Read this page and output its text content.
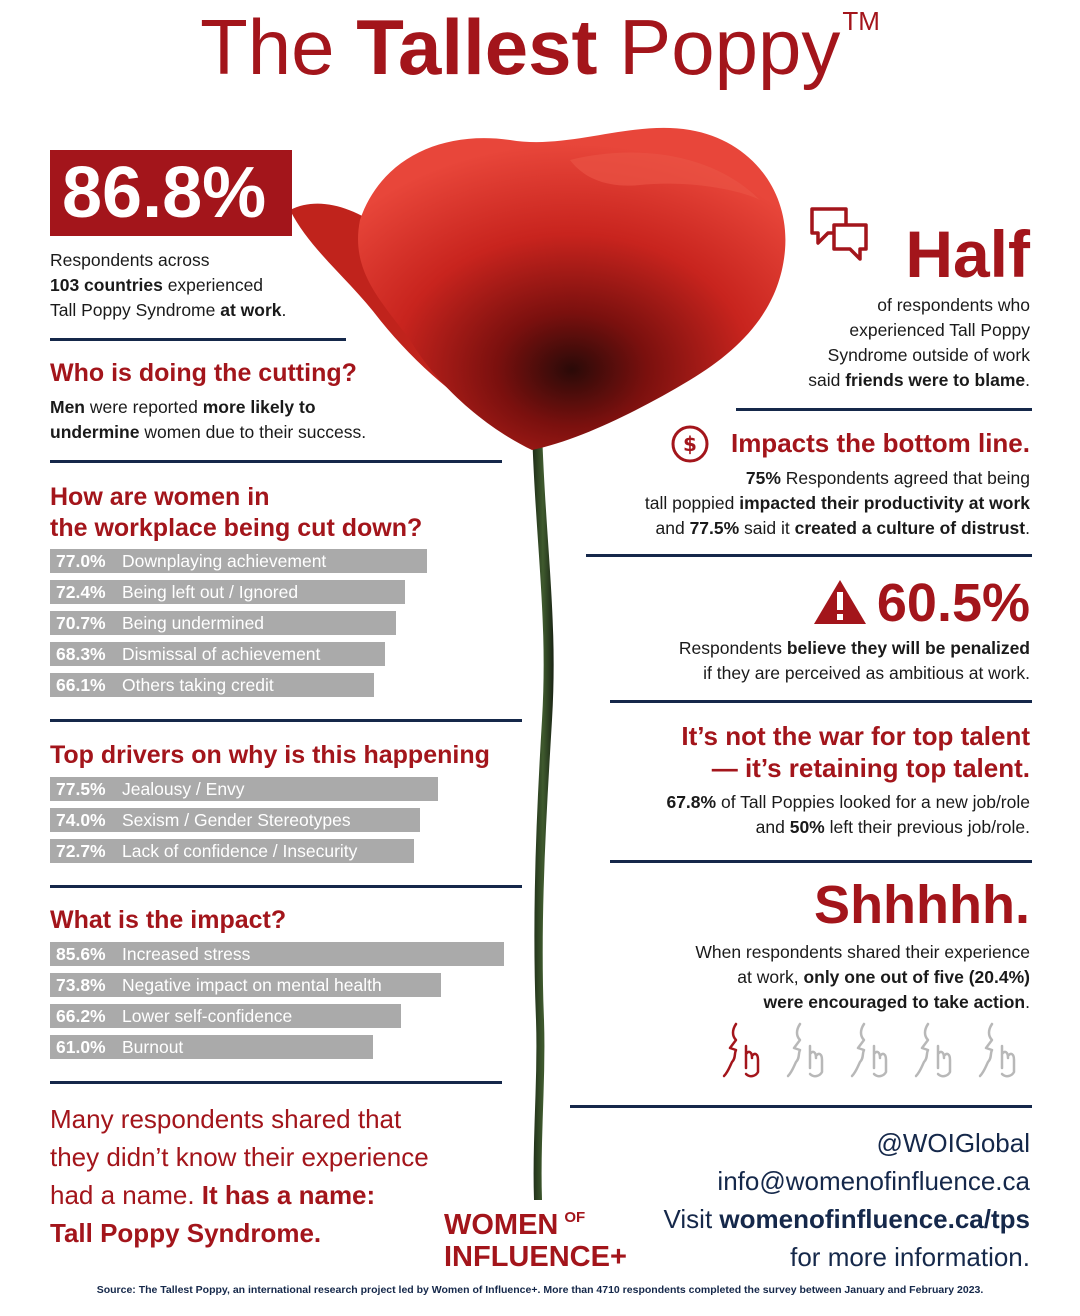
The Tallest Poppy™
86.8%
Respondents across
103 countries experienced
Tall Poppy Syndrome at work.
Who is doing the cutting?
Men were reported more likely to
undermine women due to their success.
How are women in
the workplace being cut down?
77.0% Downplaying achievement
72.4% Being left out / Ignored
70.7% Being undermined
68.3% Dismissal of achievement
66.1% Others taking credit
Top drivers on why is this happening
77.5% Jealousy / Envy
74.0% Sexism / Gender Stereotypes
72.7% Lack of confidence / Insecurity
What is the impact?
85.6% Increased stress
73.8% Negative impact on mental health
66.2% Lower self-confidence
61.0% Burnout
Many respondents shared that
they didn’t know their experience
had a name. It has a name:
Tall Poppy Syndrome.
Half
of respondents who
experienced Tall Poppy
Syndrome outside of work
said friends were to blame.
$	Impacts the bottom line.
75% Respondents agreed that being
tall poppied impacted their productivity at work
and 77.5% said it created a culture of distrust.
60.5%
Respondents believe they will be penalized
if they are perceived as ambitious at work.
It’s not the war for top talent
— it’s retaining top talent.
67.8% of Tall Poppies looked for a new job/role
and 50% left their previous job/role.
Shhhhh.
When respondents shared their experience
at work, only one out of five (20.4%)
were encouraged to take action.
WOMEN $^{OF}$
INFLUENCE+
@WOIGlobal
info@womenofinfluence.ca
Visit womenofinfluence.ca/tps
for more information.
Source: The Tallest Poppy, an international research project led by Women of Influence+. More than 4710 respondents completed the survey between January and February 2023.
